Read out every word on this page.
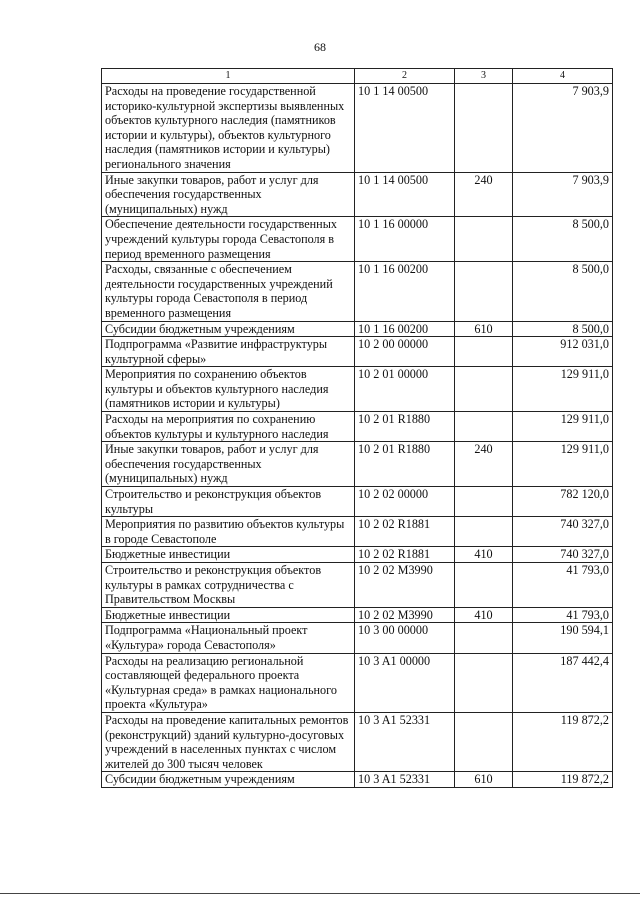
68
1	2	3	4
Расходы на проведение государственной историко-культурной экспертизы выявленных объектов культурного наследия (памятников истории и культуры), объектов культурного наследия (памятников истории и культуры) регионального значения	10 1 14 00500		7 903,9
Иные закупки товаров, работ и услуг для обеспечения государственных (муниципальных) нужд	10 1 14 00500	240	7 903,9
Обеспечение деятельности государственных учреждений культуры города Севастополя в период временного размещения	10 1 16 00000		8 500,0
Расходы, связанные с обеспечением деятельности государственных учреждений культуры города Севастополя в период временного размещения	10 1 16 00200		8 500,0
Субсидии бюджетным учреждениям	10 1 16 00200	610	8 500,0
Подпрограмма «Развитие инфраструктуры культурной сферы»	10 2 00 00000		912 031,0
Мероприятия по сохранению объектов культуры и объектов культурного наследия (памятников истории и культуры)	10 2 01 00000		129 911,0
Расходы на мероприятия по сохранению объектов культуры и культурного наследия	10 2 01 R1880		129 911,0
Иные закупки товаров, работ и услуг для обеспечения государственных (муниципальных) нужд	10 2 01 R1880	240	129 911,0
Строительство и реконструкция объектов культуры	10 2 02 00000		782 120,0
Мероприятия по развитию объектов культуры в городе Севастополе	10 2 02 R1881		740 327,0
Бюджетные инвестиции	10 2 02 R1881	410	740 327,0
Строительство и реконструкция объектов культуры в рамках сотрудничества с Правительством Москвы	10 2 02 M3990		41 793,0
Бюджетные инвестиции	10 2 02 M3990	410	41 793,0
Подпрограмма «Национальный проект «Культура» города Севастополя»	10 3 00 00000		190 594,1
Расходы на реализацию региональной составляющей федерального проекта «Культурная среда» в рамках национального проекта «Культура»	10 3 A1 00000		187 442,4
Расходы на проведение капитальных ремонтов (реконструкций) зданий культурно-досуговых учреждений в населенных пунктах с числом жителей до 300 тысяч человек	10 3 A1 52331		119 872,2
Субсидии бюджетным учреждениям	10 3 A1 52331	610	119 872,2
